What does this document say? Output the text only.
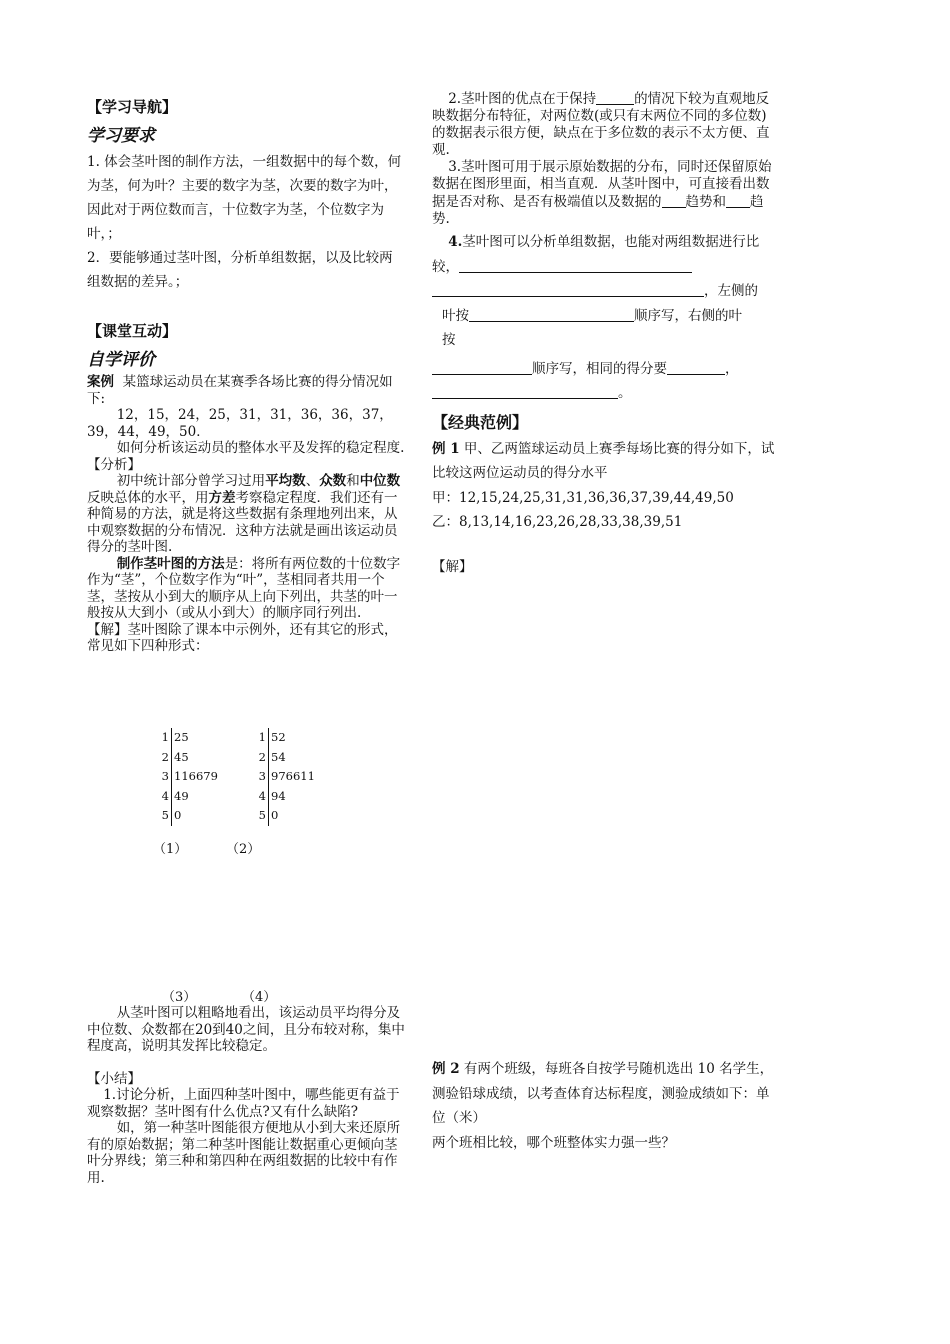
【学习导航】
学习要求

1. 体会茎叶图的制作方法，一组数据中的每个数，何为茎，何为叶？主要的数字为茎，次要的数字为叶，因此对于两位数而言，十位数字为茎，个位数字为叶，；

2．要能够通过茎叶图，分析单组数据，以及比较两组数据的差异。；

【课堂互动】
自学评价

案例 某篮球运动员在某赛季各场比赛的得分情况如下:

12，15，24，25，31，31，36，36，37，39，44，49，50．

如何分析该运动员的整体水平及发挥的稳定程度.

【分析】

初中统计部分曾学习过用平均数、众数和中位数反映总体的水平，用方差考察稳定程度．我们还有一种简易的方法，就是将这些数据有条理地列出来，从中观察数据的分布情况．这种方法就是画出该运动员得分的茎叶图.

制作茎叶图的方法是：将所有两位数的十位数字作为“茎”，个位数字作为“叶”，茎相同者共用一个茎，茎按从小到大的顺序从上向下列出，共茎的叶一般按从大到小（或从小到大）的顺序同行列出.

【解】茎叶图除了课本中示例外，还有其它的形式，常见如下四种形式：

1 25
2 45
3 116679
4 49
5 0
1 52
2 54
3 976611
4 94
5 0
（1）	（2）
（3）	（4）

从茎叶图可以粗略地看出，该运动员平均得分及中位数、众数都在20到40之间，且分布较对称，集中程度高，说明其发挥比较稳定。

【小结】

1.讨论分析，上面四种茎叶图中，哪些能更有益于观察数据？茎叶图有什么优点?又有什么缺陷?

如，第一种茎叶图能很方便地从小到大来还原所有的原始数据；第二种茎叶图能让数据重心更倾向茎叶分界线；第三种和第四种在两组数据的比较中有作用.

2.茎叶图的优点在于保持	的情况下较为直观地反映数据分布特征，对两位数(或只有末两位不同的多位数)的数据表示很方便，缺点在于多位数的表示不太方便、直观.

3.茎叶图可用于展示原始数据的分布，同时还保留原始数据在图形里面，相当直观．从茎叶图中，可直接看出数据是否对称、是否有极端值以及数据的 趋势和 趋势.

4.茎叶图可以分析单组数据，也能对两组数据进行比较，

，左侧的

叶按	顺序写，右侧的叶

按

顺序写，相同的得分要	，

。

【经典范例】

例 1 甲、乙两篮球运动员上赛季每场比赛的得分如下，试比较这两位运动员的得分水平

甲：12,15,24,25,31,31,36,36,37,39,44,49,50

乙：8,13,14,16,23,26,28,33,38,39,51

【解】

例 2 有两个班级，每班各自按学号随机选出 10 名学生，测验铅球成绩，以考查体育达标程度，测验成绩如下：单位（米）

两个班相比较，哪个班整体实力强一些？
